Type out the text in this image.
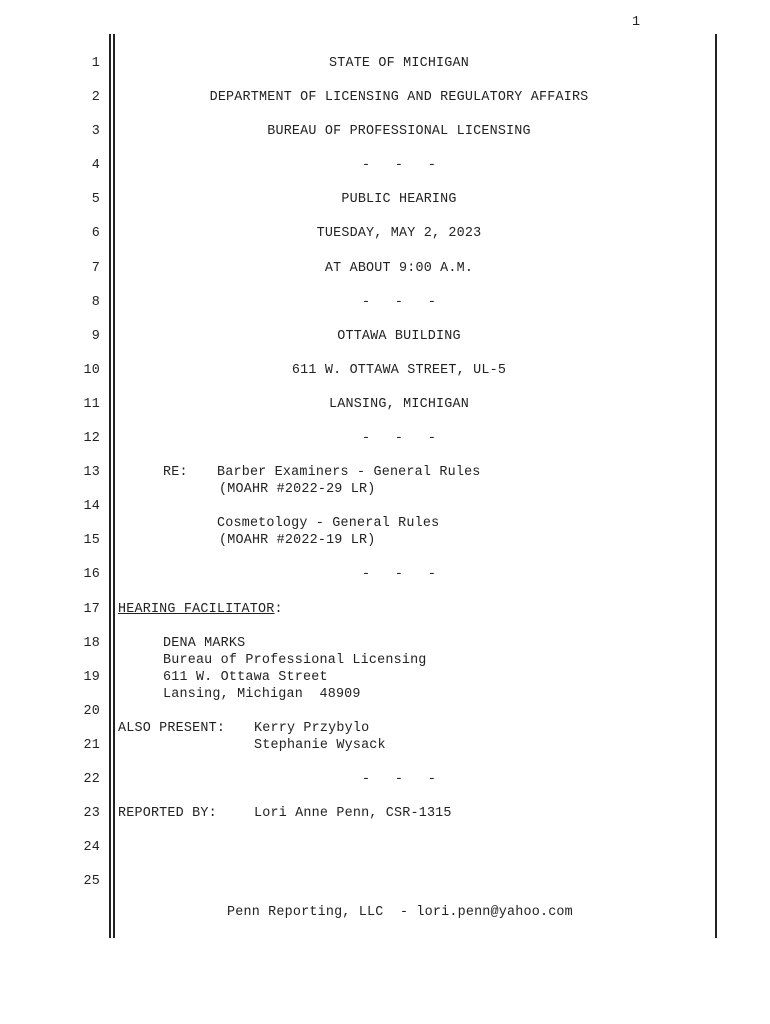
1
1
2
3
4
5
6
7
8
9
10
11
12
13
14
15
16
17
18
19
20
21
22
23
24
25
STATE OF MICHIGAN
DEPARTMENT OF LICENSING AND REGULATORY AFFAIRS
BUREAU OF PROFESSIONAL LICENSING
-   -   -
PUBLIC HEARING
TUESDAY, MAY 2, 2023
AT ABOUT 9:00 A.M.
-   -   -
OTTAWA BUILDING
611 W. OTTAWA STREET, UL-5
LANSING, MICHIGAN
-   -   -
RE: Barber Examiners - General Rules
(MOAHR #2022-29 LR)
Cosmetology - General Rules
(MOAHR #2022-19 LR)
-   -   -
HEARING FACILITATOR:
DENA MARKS
Bureau of Professional Licensing
611 W. Ottawa Street
Lansing, Michigan  48909
ALSO PRESENT: Kerry Przybylo
Stephanie Wysack
-   -   -
REPORTED BY:	Lori Anne Penn, CSR-1315
Penn Reporting, LLC  - lori.penn@yahoo.com
